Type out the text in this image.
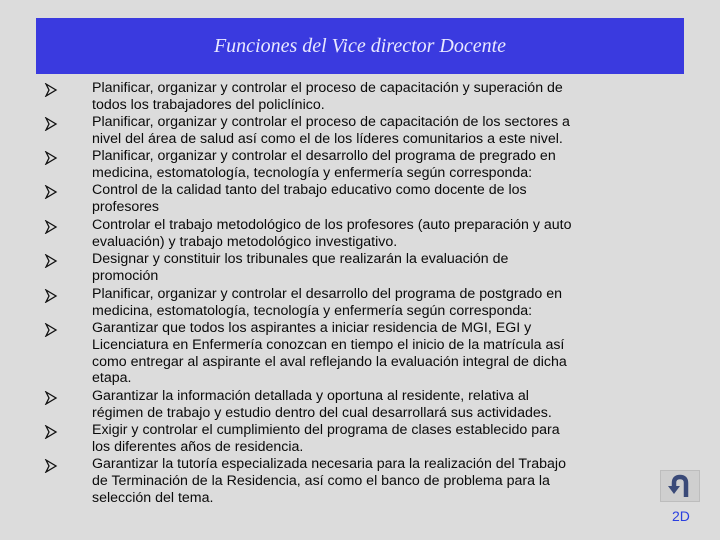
Funciones del Vice director Docente
Planificar, organizar y controlar el proceso de capacitación y superación de
todos los trabajadores del policlínico.
Planificar, organizar y controlar el proceso de capacitación de los sectores a
nivel del área de salud así como el de los líderes comunitarios a este nivel.
Planificar, organizar y controlar el desarrollo del programa de pregrado en
medicina, estomatología, tecnología y enfermería según corresponda:
Control de la calidad tanto del trabajo educativo como docente de los
profesores
Controlar el trabajo metodológico de los profesores (auto preparación y auto
evaluación) y trabajo metodológico investigativo.
Designar y constituir los tribunales que realizarán la evaluación de
promoción
Planificar, organizar y controlar el desarrollo del programa de postgrado en
medicina, estomatología, tecnología y enfermería según corresponda:
Garantizar que todos los aspirantes a iniciar residencia de MGI, EGI y
Licenciatura en Enfermería conozcan en tiempo el inicio de la matrícula así
como entregar al aspirante el aval reflejando la evaluación integral de dicha
etapa.
Garantizar la información detallada y oportuna al residente, relativa al
régimen de trabajo y estudio dentro del cual desarrollará sus actividades.
Exigir y controlar el cumplimiento del programa de clases establecido para
los diferentes años de residencia.
Garantizar la tutoría especializada necesaria para la realización del Trabajo
de Terminación de la Residencia, así como el banco de problema para la
selección del tema.
2D
